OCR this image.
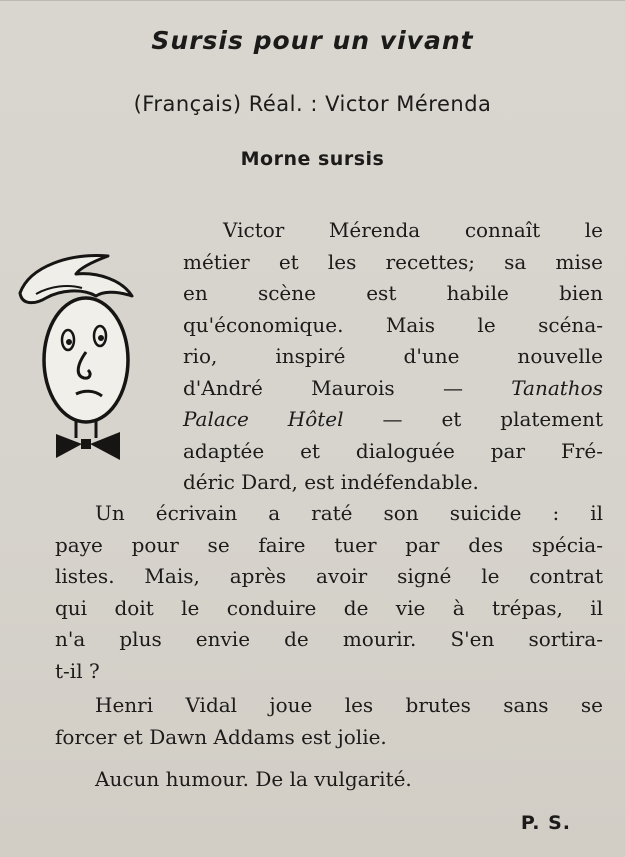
Sursis pour un vivant

(Français) Réal. : Victor Mérenda

Morne sursis

Victor Mérenda connaît le
métier et les recettes; sa mise
en scène est habile bien
qu'économique. Mais le scéna-
rio, inspiré d'une nouvelle
d'André Maurois — Tanathos
Palace Hôtel — et platement
adaptée et dialoguée par Fré-
déric Dard, est indéfendable.
Un écrivain a raté son suicide : il
paye pour se faire tuer par des spécia-
listes. Mais, après avoir signé le contrat
qui doit le conduire de vie à trépas, il
n'a plus envie de mourir. S'en sortira-
t-il ?
Henri Vidal joue les brutes sans se
forcer et Dawn Addams est jolie.
Aucun humour. De la vulgarité.

P. S.
